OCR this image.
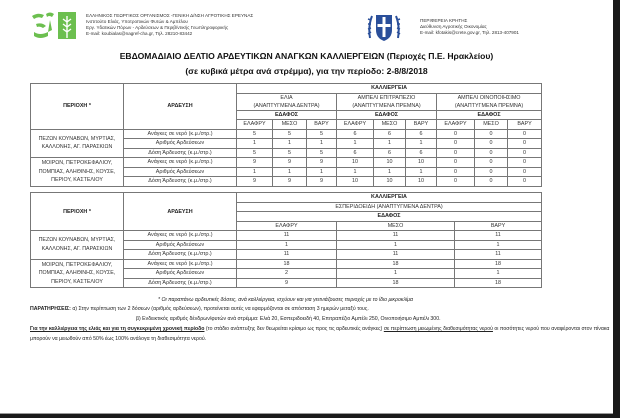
ΕΛΛΗΝΙΚΟΣ ΓΕΩΡΓΙΚΟΣ ΟΡΓΑΝΙΣΜΟΣ -ΓΕΝΙΚΗ Δ/ΝΣΗ ΑΓΡΟΤΙΚΗΣ ΕΡΕΥΝΑΣ
Ινστιτούτο Ελιάς, Υποτροπικών Φυτών & Αμπέλου
Εργ. Υδατικών Πόρων - Αρδεύσεων & Περιβ/ντικής Γεωπληροφορικής
E-mail: koubialas@nagref-cha.gr, Τηλ. 28210-83442
ΠΕΡΙΦΕΡΕΙΑ ΚΡΗΤΗΣ
Διεύθυνση Αγροτικής Οικονομίας
E-mail: kfotakis@crete.gov.gr, Τηλ. 2813-407901
ΕΒΔΟΜΑΔΙΑΙΟ ΔΕΛΤΙΟ ΑΡΔΕΥΤΙΚΩΝ ΑΝΑΓΚΩΝ ΚΑΛΛΙΕΡΓΕΙΩΝ (Περιοχές Π.Ε. Ηρακλείου)
(σε κυβικά μέτρα ανά στρέμμα), για την περίοδο: 2-8/8/2018
ΠΕΡΙΟΧΗ *	ΑΡΔΕΥΣΗ	ΚΑΛΛΙΕΡΓΕΙΑ								
		ΕΛΙΑ
(ΑΝΑΠΤΥΓΜΕΝΑ ΔΕΝΤΡΑ)			ΑΜΠΕΛΙ ΕΠΙΤΡΑΠΕΖΙΟ
(ΑΝΑΠΤΥΓΜΕΝΑ ΠΡΕΜΝΑ)			ΑΜΠΕΛΙ ΟΙΝΟΠΟΙΗΣΙΜΟ
(ΑΝΑΠΤΥΓΜΕΝΑ ΠΡΕΜΝΑ)		
		ΕΔΑΦΟΣ			ΕΔΑΦΟΣ			ΕΔΑΦΟΣ		
		ΕΛΑΦΡΥ	ΜΕΣΟ	ΒΑΡΥ	ΕΛΑΦΡΥ	ΜΕΣΟ	ΒΑΡΥ	ΕΛΑΦΡΥ	ΜΕΣΟ	ΒΑΡΥ
ΠΕΖΩΝ ΚΟΥΝΑΒΩΝ, ΜΥΡΤΙΑΣ, ΚΑΛΛΟΝΗΣ, ΑΓ. ΠΑΡΑΣΚΙΩΝ	Ανάγκες σε νερό (κ.μ./στρ.)	5	5	5	6	6	6	0	0	0
	Αριθμός Αρδεύσεων	1	1	1	1	1	1	0	0	0
	Δόση Άρδευσης (κ.μ./στρ.)	5	5	5	6	6	6	0	0	0
ΜΟΙΡΩΝ, ΠΕΤΡΟΚΕΦΑΛΙΟΥ, ΠΟΜΠΙΑΣ, ΑΛΗΘΙΝΗΣ, ΚΟΥΣΕ, ΠΕΡΙΟΥ, ΚΑΣΤΕΛΙΟΥ	Ανάγκες σε νερό (κ.μ./στρ.)	9	9	9	10	10	10	0	0	0
	Αριθμός Αρδεύσεων	1	1	1	1	1	1	0	0	0
	Δόση Άρδευσης (κ.μ./στρ.)	9	9	9	10	10	10	0	0	0
ΠΕΡΙΟΧΗ *	ΑΡΔΕΥΣΗ	ΚΑΛΛΙΕΡΓΕΙΑ		
		ΕΣΠΕΡΙΔΟΕΙΔΗ (ΑΝΑΠΤΥΓΜΕΝΑ ΔΕΝΤΡΑ)		
		ΕΔΑΦΟΣ		
		ΕΛΑΦΡΥ	ΜΕΣΟ	ΒΑΡΥ
ΠΕΖΩΝ ΚΟΥΝΑΒΩΝ, ΜΥΡΤΙΑΣ, ΚΑΛΛΟΝΗΣ, ΑΓ. ΠΑΡΑΣΚΙΩΝ	Ανάγκες σε νερό (κ.μ./στρ.)	11	11	11
	Αριθμός Αρδεύσεων	1	1	1
	Δόση Άρδευσης (κ.μ./στρ.)	11	11	11
ΜΟΙΡΩΝ, ΠΕΤΡΟΚΕΦΑΛΙΟΥ, ΠΟΜΠΙΑΣ, ΑΛΗΘΙΝΗΣ, ΚΟΥΣΕ, ΠΕΡΙΟΥ, ΚΑΣΤΕΛΙΟΥ	Ανάγκες σε νερό (κ.μ./στρ.)	18	18	18
	Αριθμός Αρδεύσεων	2	1	1
	Δόση Άρδευσης (κ.μ./στρ.)	9	18	18
* Οι παραπάνω αρδευτικές δόσεις, ανά καλλιέργεια, ισχύουν και για γειτνιάζουσες περιοχές με το ίδιο μικροκλίμα
ΠΑΡΑΤΗΡΗΣΕΙΣ: α) Στην περίπτωση των 2 δόσεων (αριθμός αρδεύσεων), προτείνεται αυτές να εφαρμόζονται σε απόσταση 3 ημερών μεταξύ τους.
β) Ενδεικτικός αριθμός δένδρων/φυτών ανά στρέμμα: Ελιά 20, Εσπεριδοειδή 40, Επιτραπέζιο Αμπέλι 250, Οινοποιήσιμο Αμπέλι 300.
Για την καλλιέργεια της ελιάς και για τη συγκεκριμένη χρονική περίοδο (το στάδιο ανάπτυξης δεν θεωρείται κρίσιμο ως προς τις αρδευτικές ανάγκες) σε περίπτωση μειωμένης διαθεσιμότητας νερού οι ποσότητες νερού που αναφέρονται στον πίνακα μπορούν να μειωθούν από 50% έως 100% ανάλογα τη διαθεσιμότητα νερού.
